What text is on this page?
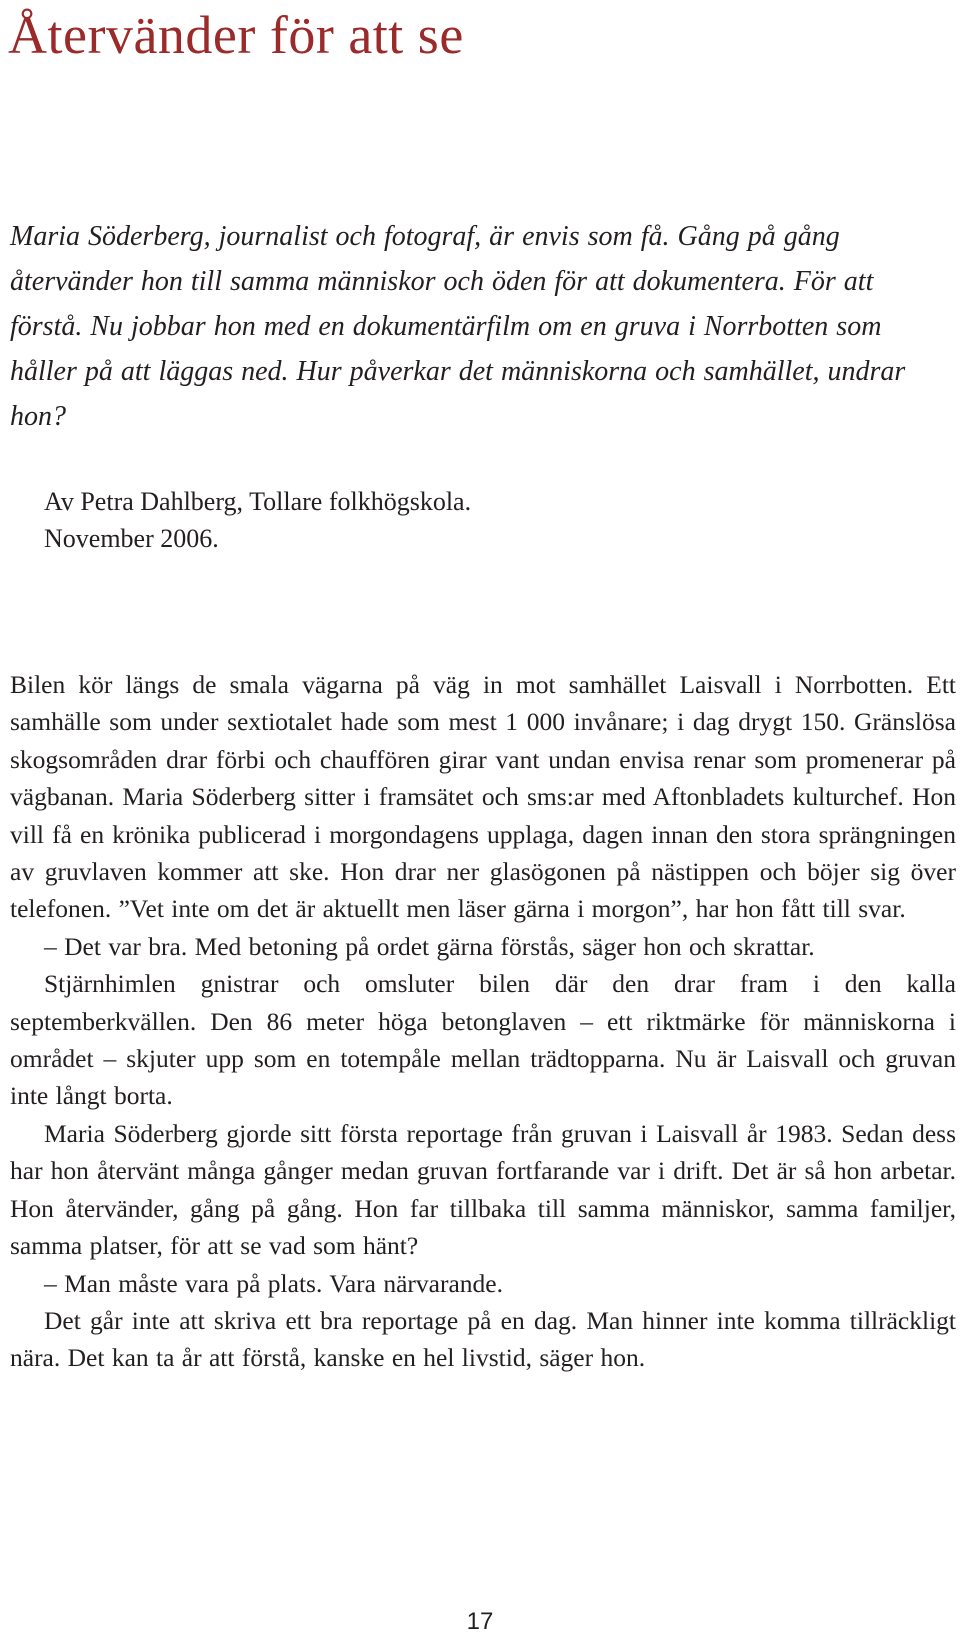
Återvänder för att se

Maria Söderberg, journalist och fotograf, är envis som få. Gång på gång återvänder hon till samma människor och öden för att dokumentera. För att förstå. Nu jobbar hon med en dokumentärfilm om en gruva i Norrbotten som håller på att läggas ned. Hur påverkar det människorna och samhället, undrar hon?

Av Petra Dahlberg, Tollare folkhögskola.
November 2006.

Bilen kör längs de smala vägarna på väg in mot samhället Laisvall i Norrbotten. Ett samhälle som under sextiotalet hade som mest 1 000 invånare; i dag drygt 150. Gränslösa skogsområden drar förbi och chauffören girar vant undan envisa renar som promenerar på vägbanan. Maria Söderberg sitter i framsätet och sms:ar med Aftonbladets kulturchef. Hon vill få en krönika publicerad i morgondagens upplaga, dagen innan den stora sprängningen av gruvlaven kommer att ske. Hon drar ner glasögonen på nästippen och böjer sig över telefonen. ”Vet inte om det är aktuellt men läser gärna i morgon”, har hon fått till svar.

– Det var bra. Med betoning på ordet gärna förstås, säger hon och skrattar.

Stjärnhimlen gnistrar och omsluter bilen där den drar fram i den kalla septemberkvällen. Den 86 meter höga betonglaven – ett riktmärke för människorna i området – skjuter upp som en totempåle mellan trädtopparna. Nu är Laisvall och gruvan inte långt borta.

Maria Söderberg gjorde sitt första reportage från gruvan i Laisvall år 1983. Sedan dess har hon återvänt många gånger medan gruvan fortfarande var i drift. Det är så hon arbetar. Hon återvänder, gång på gång. Hon far tillbaka till samma människor, samma familjer, samma platser, för att se vad som hänt?

– Man måste vara på plats. Vara närvarande.

Det går inte att skriva ett bra reportage på en dag. Man hinner inte komma tillräckligt nära. Det kan ta år att förstå, kanske en hel livstid, säger hon.

17
